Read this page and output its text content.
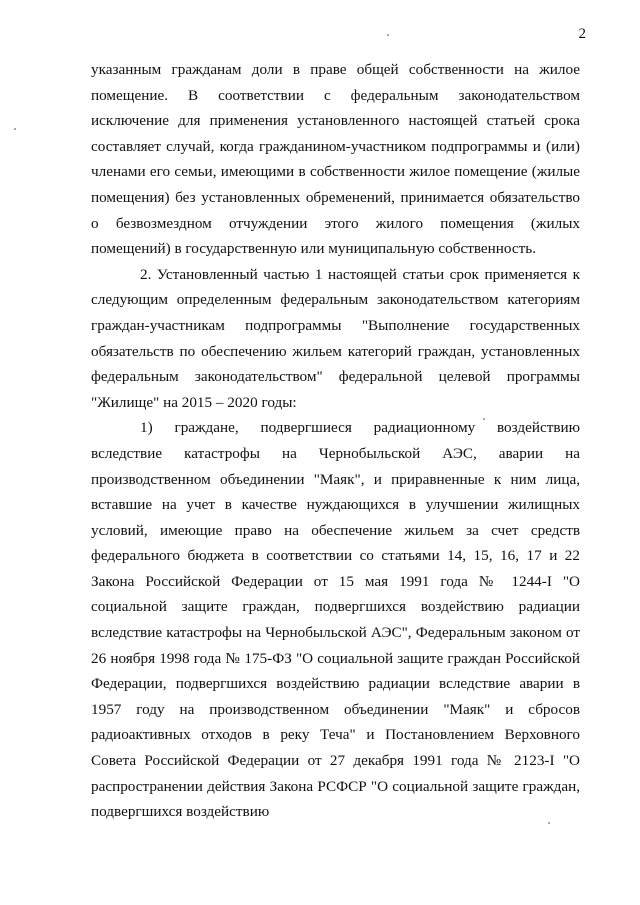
2

указанным гражданам доли в праве общей собственности на жилое помещение. В соответствии с федеральным законодательством исключение для применения установленного настоящей статьей срока составляет случай, когда гражданином-участником подпрограммы и (или) членами его семьи, имеющими в собственности жилое помещение (жилые помещения) без установленных обременений, принимается обязательство о безвозмездном отчуждении этого жилого помещения (жилых помещений) в государственную или муниципальную собственность.

2. Установленный частью 1 настоящей статьи срок применяется к следующим определенным федеральным законодательством категориям граждан-участникам подпрограммы "Выполнение государственных обязательств по обеспечению жильем категорий граждан, установленных федеральным законодательством" федеральной целевой программы "Жилище" на 2015 – 2020 годы:

1) граждане, подвергшиеся радиационному воздействию вследствие катастрофы на Чернобыльской АЭС, аварии на производственном объединении "Маяк", и приравненные к ним лица, вставшие на учет в качестве нуждающихся в улучшении жилищных условий, имеющие право на обеспечение жильем за счет средств федерального бюджета в соответствии со статьями 14, 15, 16, 17 и 22 Закона Российской Федерации от 15 мая 1991 года № 1244-I "О социальной защите граждан, подвергшихся воздействию радиации вследствие катастрофы на Чернобыльской АЭС", Федеральным законом от 26 ноября 1998 года № 175-ФЗ "О социальной защите граждан Российской Федерации, подвергшихся воздействию радиации вследствие аварии в 1957 году на производственном объединении "Маяк" и сбросов радиоактивных отходов в реку Теча" и Постановлением Верховного Совета Российской Федерации от 27 декабря 1991 года № 2123-I "О распространении действия Закона РСФСР "О социальной защите граждан, подвергшихся воздействию
